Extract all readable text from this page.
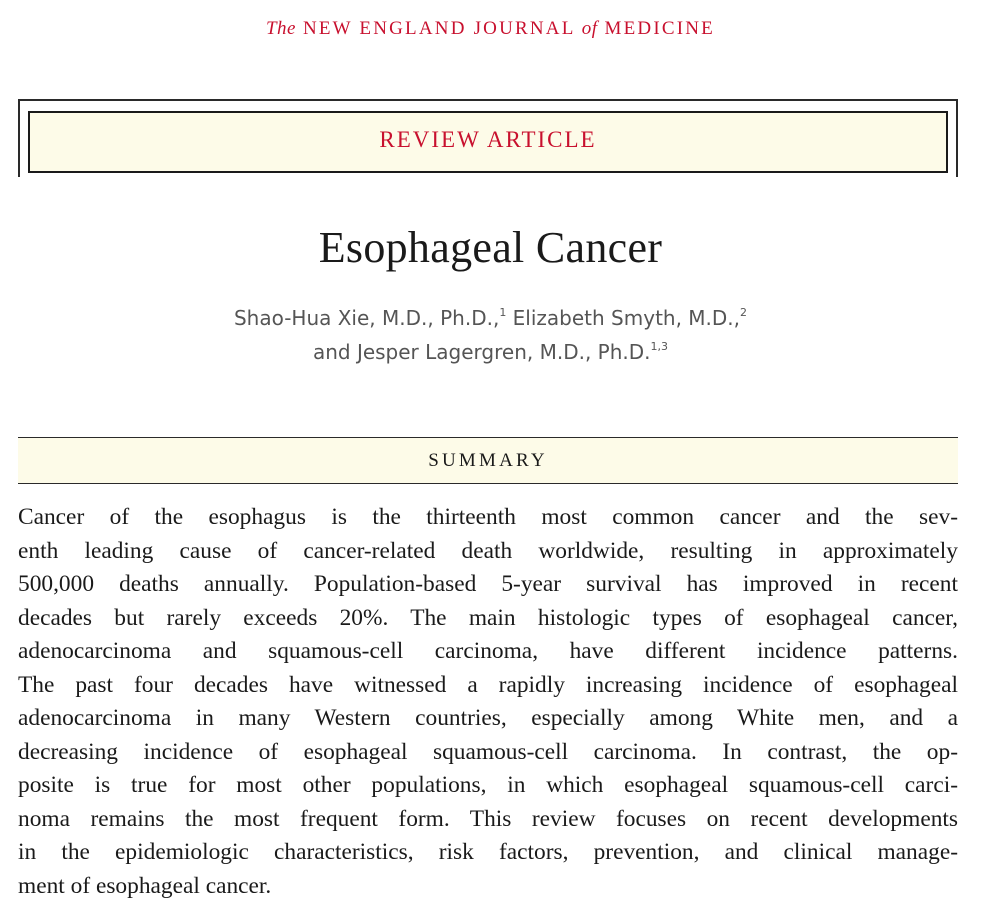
The NEW ENGLAND JOURNAL of MEDICINE
REVIEW ARTICLE
Esophageal Cancer
Shao-Hua Xie, M.D., Ph.D.,$^1$ Elizabeth Smyth, M.D.,$^2$
and Jesper Lagergren, M.D., Ph.D.$^{1,3}$
SUMMARY
Cancer of the esophagus is the thirteenth most common cancer and the sev-
enth leading cause of cancer-related death worldwide, resulting in approximately
500,000 deaths annually. Population-based 5-year survival has improved in recent
decades but rarely exceeds 20%. The main histologic types of esophageal cancer,
adenocarcinoma and squamous-cell carcinoma, have different incidence patterns.
The past four decades have witnessed a rapidly increasing incidence of esophageal
adenocarcinoma in many Western countries, especially among White men, and a
decreasing incidence of esophageal squamous-cell carcinoma. In contrast, the op-
posite is true for most other populations, in which esophageal squamous-cell carci-
noma remains the most frequent form. This review focuses on recent developments
in the epidemiologic characteristics, risk factors, prevention, and clinical manage-
ment of esophageal cancer.
